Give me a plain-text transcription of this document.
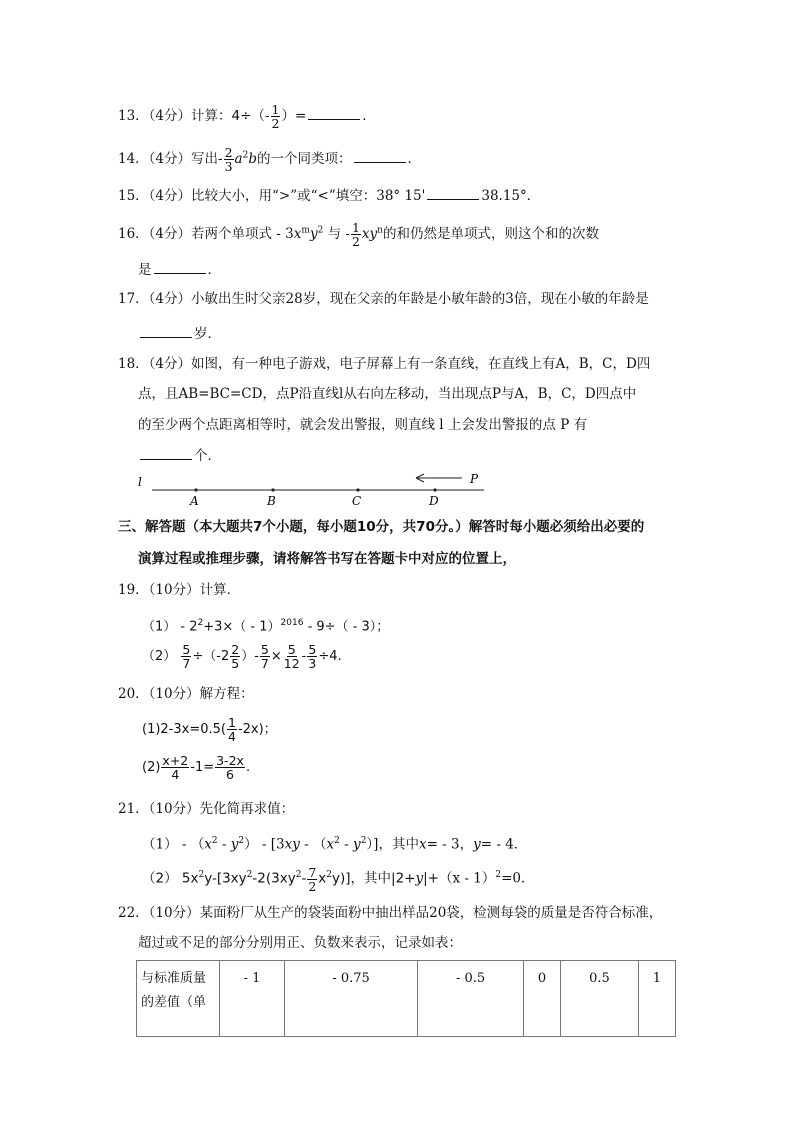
13．（4分）计算：$4\div(- \frac{1}{2}$ ）=	．
14．（4分）写出- $\frac{2}{3} a^2b$的一个同类项：	．
15．（4分）比较大小，用“>”或“<”填空：38° 15'	38.15°．
16．（4分）若两个单项式 - $3x^my^2$ 与 - $\frac{1}{2} xy^n$的和仍然是单项式，则这个和的次数
是	．
17．（4分）小敏出生时父亲28岁，现在父亲的年龄是小敏年龄的3倍，现在小敏的年龄是
岁．
18．（4分）如图，有一种电子游戏，电子屏幕上有一条直线，在直线上有A，B，C，D四
点，且AB=BC=CD，点P沿直线l从右向左移动，当出现点P与A，B，C，D四点中
的至少两个点距离相等时，就会发出警报，则直线 l 上会发出警报的点 P 有
个．
l
A	B	C	D
P
三、解答题（本大题共7个小题，每小题10分，共70分。）解答时每小题必须给出必要的
演算过程或推理步骤，请将解答书写在答题卡中对应的位置上，
19．（10分）计算．
$(1) - 2^2+3\times( - 1)^{2016} - 9\div( - 3)$；
$(2) \frac{5}{7} \div(-2 \frac{2}{5}$ ）- $\frac{5}{7} \times \frac{5}{12} - \frac{5}{3} \div 4$.
20．（10分）解方程：
$(1)2-3x=0.5( \frac{1}{4} -2x)$；
$(2) \frac{x+2}{4} -1= \frac{3-2x}{6}$ .
21．（10分）先化简再求值：
$(1) - (x^2 - y^2) - [3xy - (x^2 - y^2)]$，其中x= - 3，y= - 4．
（2） $5x^2y-[3xy^2-2(3xy^2- \frac{7}{2} x^2y)]$，其中|2+y|+（x - 1）$^2$=0．
22．（10分）某面粉厂从生产的袋装面粉中抽出样品20袋，检测每袋的质量是否符合标准，
超过或不足的部分分别用正、负数来表示，记录如表：
与标准质量的差值（单	- 1	- 0.75	- 0.5	0	0.5	1
